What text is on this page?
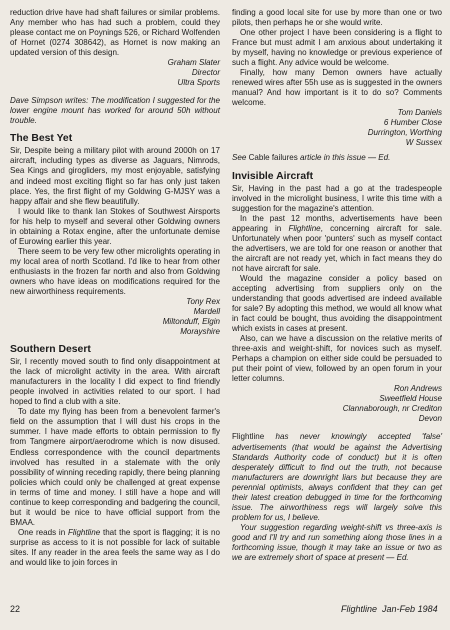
reduction drive have had shaft failures or similar problems. Any member who has had such a problem, could they please contact me on Poynings 526, or Richard Wolfenden of Hornet (0274 308642), as Hornet is now making an updated version of this design.

Graham Slater
Director
Ultra Sports

Dave Simpson writes: The modification I suggested for the lower engine mount has worked for around 50h without trouble.

The Best Yet

Sir, Despite being a military pilot with around 2000h on 17 aircraft, including types as diverse as Jaguars, Nimrods, Sea Kings and girogliders, my most enjoyable, satisfying and indeed most exciting flight so far has only just taken place. Yes, the first flight of my Goldwing G-MJSY was a happy affair and she flew beautifully.

I would like to thank Ian Stokes of Southwest Airsports for his help to myself and several other Goldwing owners in obtaining a Rotax engine, after the unfortunate demise of Eurowing earlier this year.

There seem to be very few other microlights operating in my local area of north Scotland. I'd like to hear from other enthusiasts in the frozen far north and also from Goldwing owners who have ideas on modifications required for the new airworthiness requirements.

Tony Rex
Mardell
Miltonduff, Elgin
Morayshire
Southern Desert

Sir, I recently moved south to find only disappointment at the lack of microlight activity in the area. With aircraft manufacturers in the locality I did expect to find friendly people involved in activities related to our sport. I had hoped to find a club with a site.

To date my flying has been from a benevolent farmer's field on the assumption that I will dust his crops in the summer. I have made efforts to obtain permission to fly from Tangmere airport/aerodrome which is now disused. Endless correspondence with the council departments involved has resulted in a stalemate with the only possibility of winning receding rapidly, there being planning policies which could only be challenged at great expense in terms of time and money. I still have a hope and will continue to keep corresponding and badgering the council, but it would be nice to have official support from the BMAA.

One reads in Flightline that the sport is flagging; it is no surprise as access to it is not possible for lack of suitable sites. If any reader in the area feels the same way as I do and would like to join forces in

finding a good local site for use by more than one or two pilots, then perhaps he or she would write.

One other project I have been considering is a flight to France but must admit I am anxious about undertaking it by myself, having no knowledge or previous experience of such a flight. Any advice would be welcome.

Finally, how many Demon owners have actually renewed wires after 55h use as is suggested in the owners manual? And how important is it to do so? Comments welcome.

Tom Daniels
6 Humber Close
Durrington, Worthing
W Sussex

See Cable failures article in this issue — Ed.

Invisible Aircraft

Sir, Having in the past had a go at the tradespeople involved in the microlight business, I write this time with a suggestion for the magazine's attention.

In the past 12 months, advertisements have been appearing in Flightline, concerning aircraft for sale. Unfortunately when poor 'punters' such as myself contact the advertisers, we are told for one reason or another that the aircraft are not ready yet, which in fact means they do not have aircraft for sale.

Would the magazine consider a policy based on accepting advertising from suppliers only on the understanding that goods advertised are indeed available for sale? By adopting this method, we would all know what in fact could be bought, thus avoiding the disappointment which exists in cases at present.

Also, can we have a discussion on the relative merits of three-axis and weight-shift, for novices such as myself. Perhaps a champion on either side could be persuaded to put their point of view, followed by an open forum in your letter columns.

Ron Andrews
Sweetfield House
Clannaborough, nr Crediton
Devon

Flightline has never knowingly accepted 'false' advertisements (that would be against the Advertising Standards Authority code of conduct) but it is often desperately difficult to find out the truth, not because manufacturers are downright liars but because they are perennial optimists, always confident that they can get their latest creation debugged in time for the forthcoming issue. The airworthiness regs will largely solve this problem for us, I believe.

Your suggestion regarding weight-shift vs three-axis is good and I'll try and run something along those lines in a forthcoming issue, though it may take an issue or two as we are extremely short of space at present — Ed.

22	Flightline Jan-Feb 1984
